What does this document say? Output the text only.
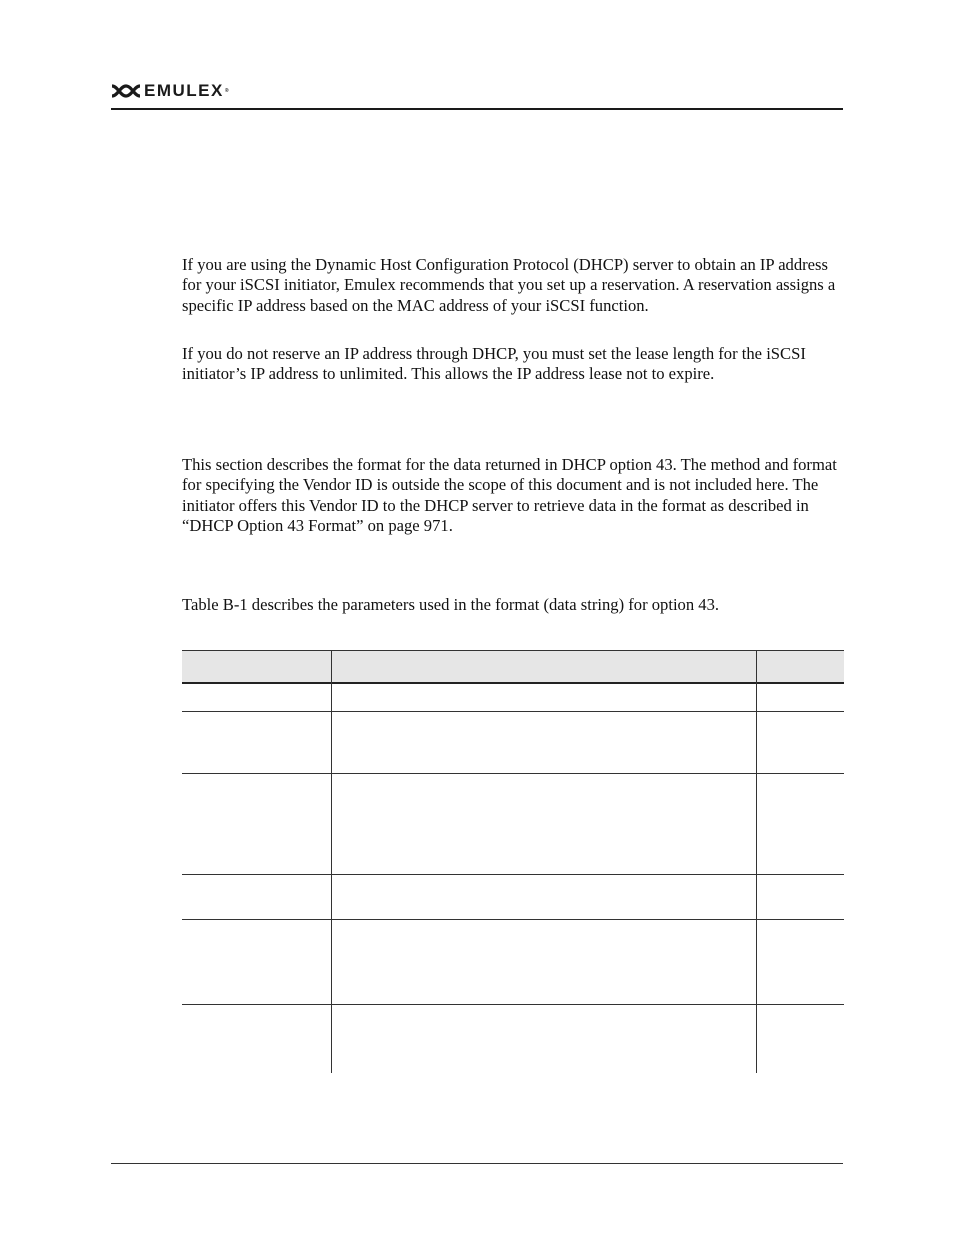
EMULEX®

If you are using the Dynamic Host Configuration Protocol (DHCP) server to obtain an IP address for your iSCSI initiator, Emulex recommends that you set up a reservation. A reservation assigns a specific IP address based on the MAC address of your iSCSI function.

If you do not reserve an IP address through DHCP, you must set the lease length for the iSCSI initiator’s IP address to unlimited. This allows the IP address lease not to expire.

This section describes the format for the data returned in DHCP option 43. The method and format for specifying the Vendor ID is outside the scope of this document and is not included here. The initiator offers this Vendor ID to the DHCP server to retrieve data in the format as described in “DHCP Option 43 Format” on page 971.

Table B-1 describes the parameters used in the format (data string) for option 43.
